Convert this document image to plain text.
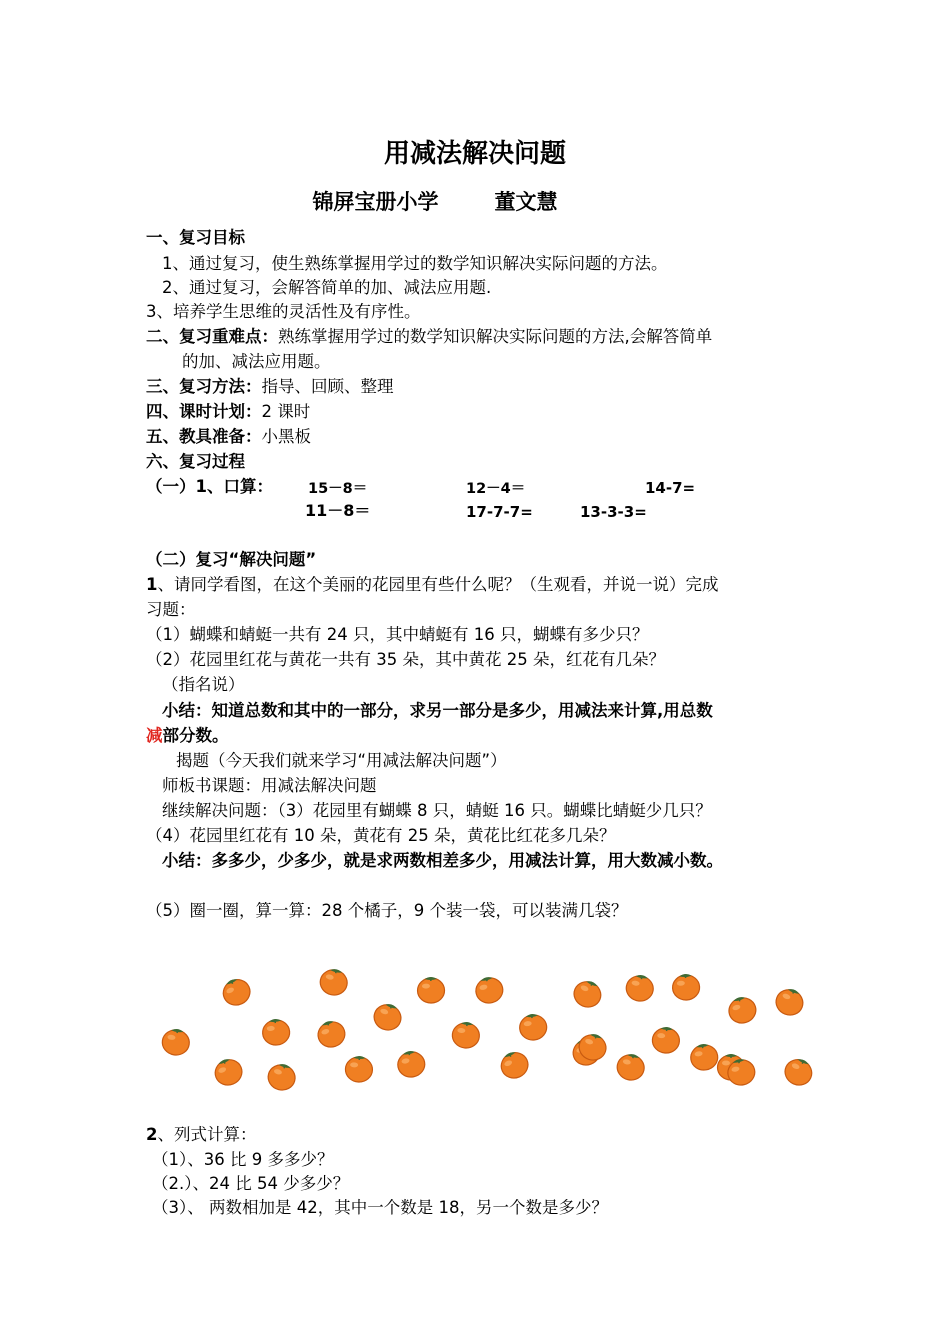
用减法解决问题
锦屏宝册小学	董文慧
一、复习目标
1、通过复习，使生熟练掌握用学过的数学知识解决实际问题的方法。
2、通过复习，会解答简单的加、减法应用题.
3、培养学生思维的灵活性及有序性。
二、复习重难点：熟练掌握用学过的数学知识解决实际问题的方法,会解答简单
的加、减法应用题。
三、复习方法：指导、回顾、整理
四、课时计划：2 课时
五、教具准备：小黑板
六、复习过程
（一）1、口算： 15－8＝	12－4＝	14-7=
11－8＝	17-7-7=	13-3-3=
（二）复习“解决问题”
1、请同学看图，在这个美丽的花园里有些什么呢？（生观看，并说一说）完成
习题：
（1）蝴蝶和蜻蜓一共有 24 只，其中蜻蜓有 16 只，蝴蝶有多少只？
（2）花园里红花与黄花一共有 35 朵，其中黄花 25 朵，红花有几朵？
（指名说）
小结：知道总数和其中的一部分，求另一部分是多少，用减法来计算,用总数
减部分数。
揭题（今天我们就来学习“用减法解决问题”）
师板书课题：用减法解决问题
继续解决问题：（3）花园里有蝴蝶 8 只，蜻蜓 16 只。蝴蝶比蜻蜓少几只？
（4）花园里红花有 10 朵，黄花有 25 朵，黄花比红花多几朵？
小结：多多少，少多少，就是求两数相差多少，用减法计算，用大数减小数。
（5）圈一圈，算一算：28 个橘子，9 个装一袋，可以装满几袋？
2、列式计算：
（1）、36 比 9 多多少？
（2.）、24 比 54 少多少？
（3）、 两数相加是 42，其中一个数是 18，另一个数是多少？
